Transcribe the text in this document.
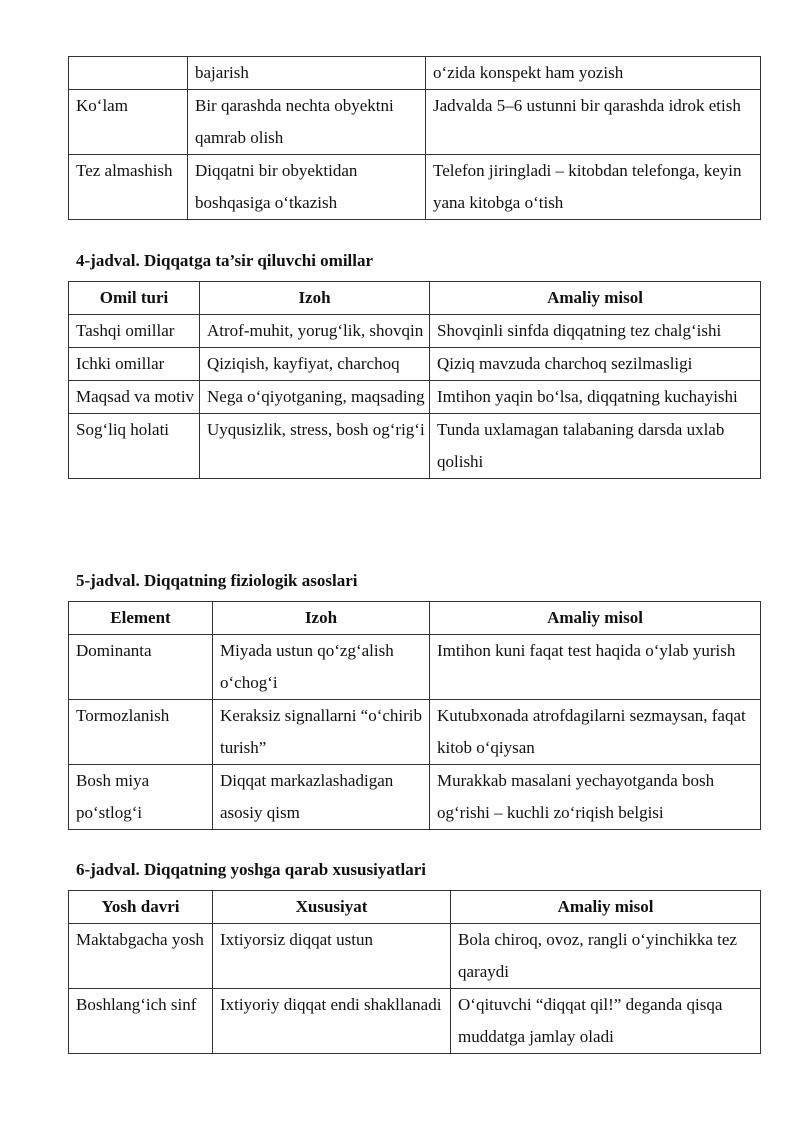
	bajarish	o‘zida konspekt ham yozish
Ko‘lam	Bir qarashda nechta obyektni qamrab olish	Jadvalda 5–6 ustunni bir qarashda idrok etish
Tez almashish	Diqqatni bir obyektidan boshqasiga o‘tkazish	Telefon jiringladi – kitobdan telefonga, keyin yana kitobga o‘tish
4-jadval. Diqqatga ta’sir qiluvchi omillar
Omil turi	Izoh	Amaliy misol
Tashqi omillar	Atrof-muhit, yorug‘lik, shovqin	Shovqinli sinfda diqqatning tez chalg‘ishi
Ichki omillar	Qiziqish, kayfiyat, charchoq	Qiziq mavzuda charchoq sezilmasligi
Maqsad va motiv	Nega o‘qiyotganing, maqsading	Imtihon yaqin bo‘lsa, diqqatning kuchayishi
Sog‘liq holati	Uyqusizlik, stress, bosh og‘rig‘i	Tunda uxlamagan talabaning darsda uxlab qolishi
5-jadval. Diqqatning fiziologik asoslari
Element	Izoh	Amaliy misol
Dominanta	Miyada ustun qo‘zg‘alish o‘chog‘i	Imtihon kuni faqat test haqida o‘ylab yurish
Tormozlanish	Keraksiz signallarni “o‘chirib turish”	Kutubxonada atrofdagilarni sezmaysan, faqat kitob o‘qiysan
Bosh miya po‘stlog‘i	Diqqat markazlashadigan asosiy qism	Murakkab masalani yechayotganda bosh og‘rishi – kuchli zo‘riqish belgisi
6-jadval. Diqqatning yoshga qarab xususiyatlari
Yosh davri	Xususiyat	Amaliy misol
Maktabgacha yosh	Ixtiyorsiz diqqat ustun	Bola chiroq, ovoz, rangli o‘yinchikka tez qaraydi
Boshlang‘ich sinf	Ixtiyoriy diqqat endi shakllanadi	O‘qituvchi “diqqat qil!” deganda qisqa muddatga jamlay oladi
